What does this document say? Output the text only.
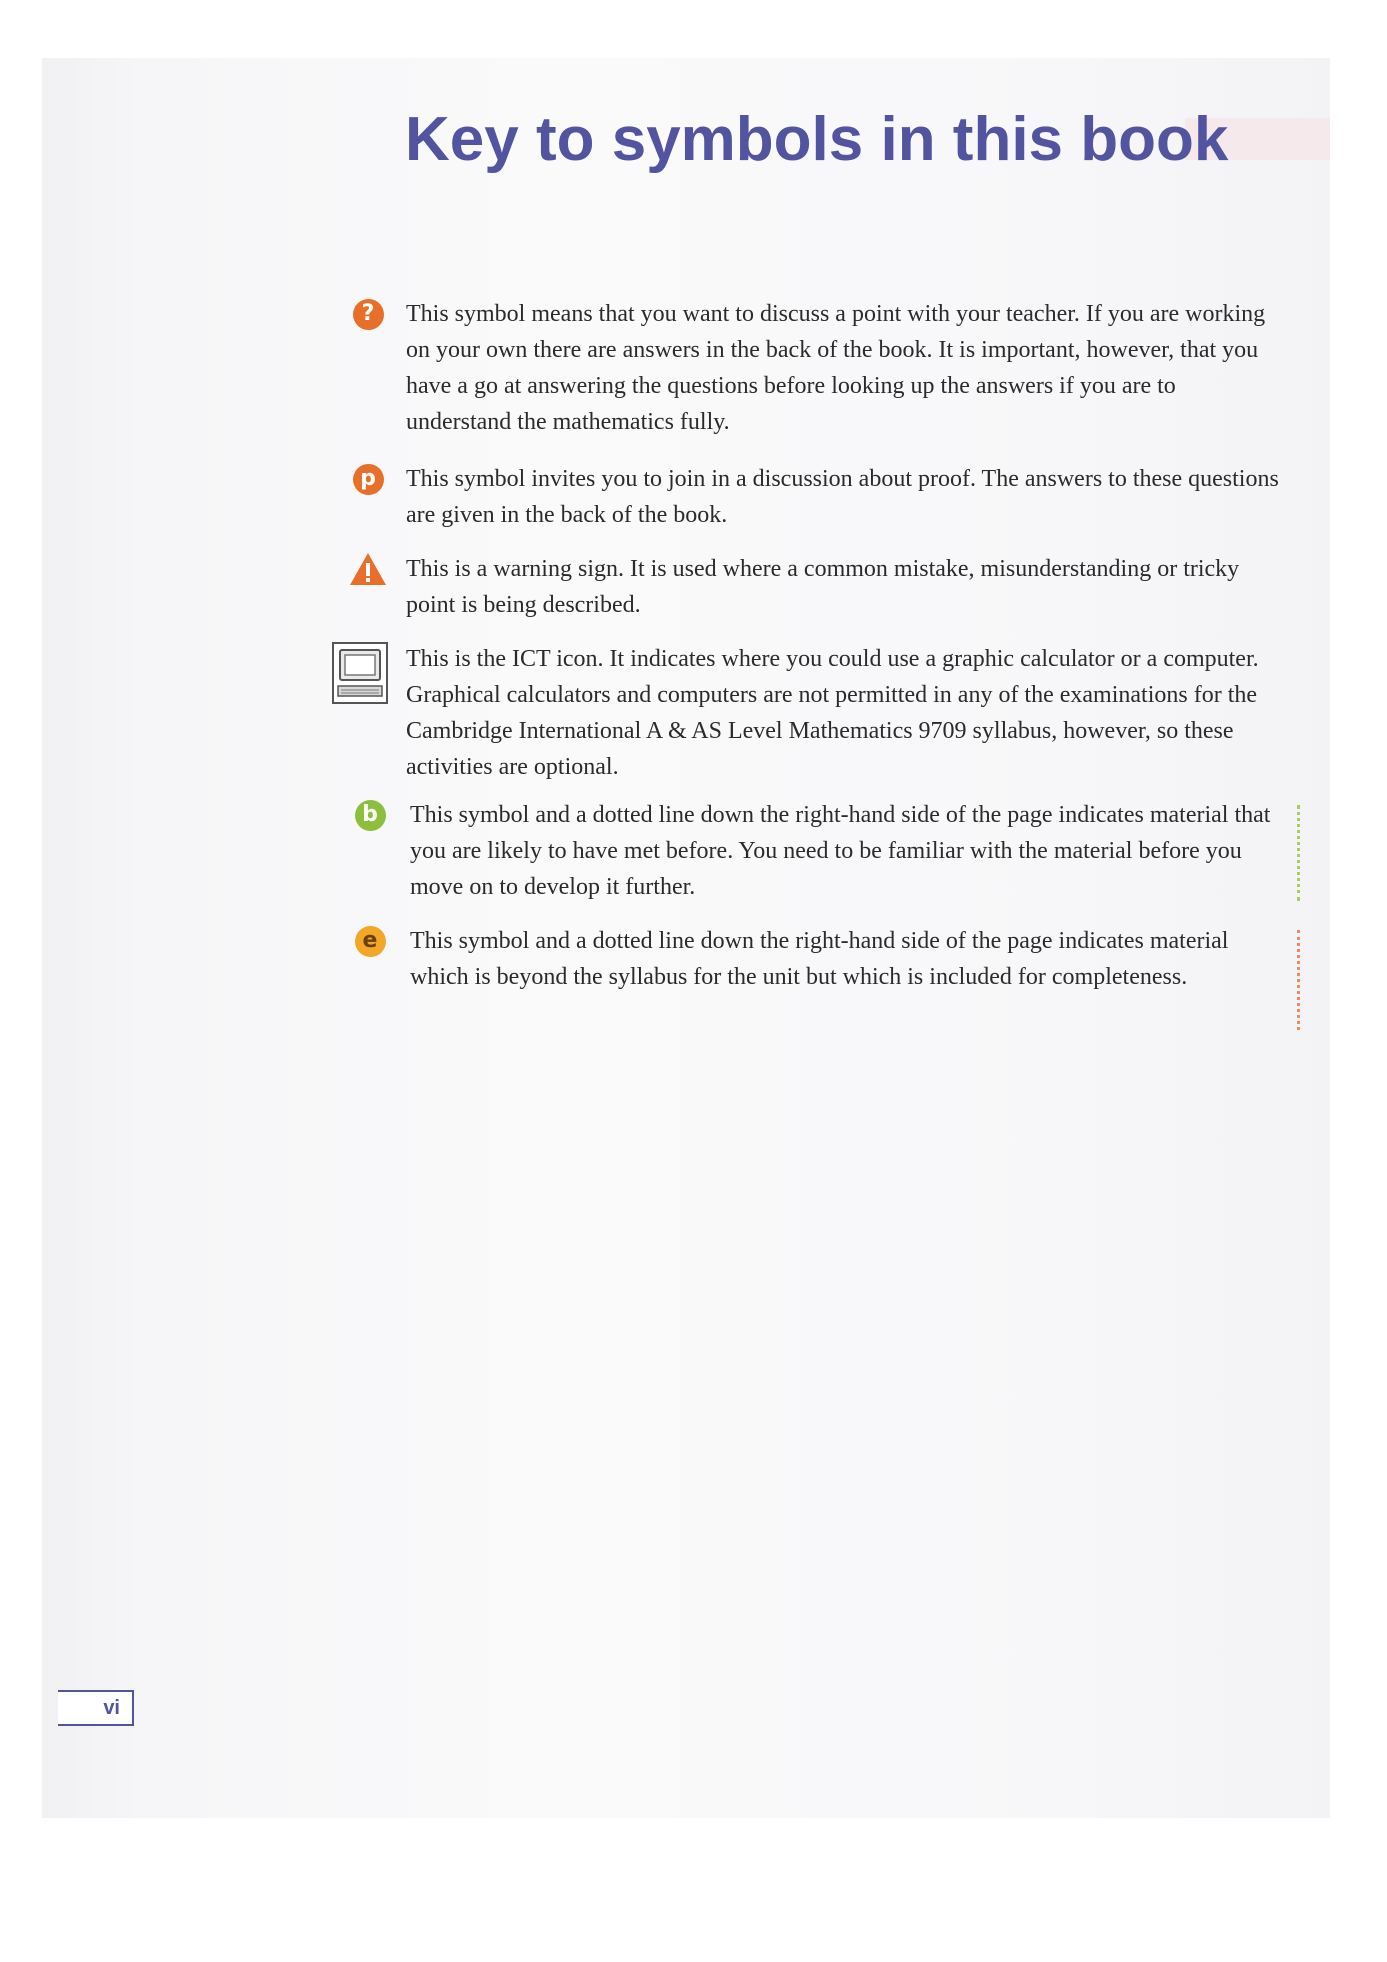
Key to symbols in this book
?	This symbol means that you want to discuss a point with your teacher. If you are working on your own there are answers in the back of the book. It is important, however, that you have a go at answering the questions before looking up the answers if you are to understand the mathematics fully.

p	This symbol invites you to join in a discussion about proof. The answers to these questions are given in the back of the book.

This is a warning sign. It is used where a common mistake, misunderstanding or tricky point is being described.

This is the ICT icon. It indicates where you could use a graphic calculator or a computer. Graphical calculators and computers are not permitted in any of the examinations for the Cambridge International A & AS Level Mathematics 9709 syllabus, however, so these activities are optional.

b	This symbol and a dotted line down the right-hand side of the page indicates material that you are likely to have met before. You need to be familiar with the material before you move on to develop it further.

e	This symbol and a dotted line down the right-hand side of the page indicates material which is beyond the syllabus for the unit but which is included for completeness.

vi
